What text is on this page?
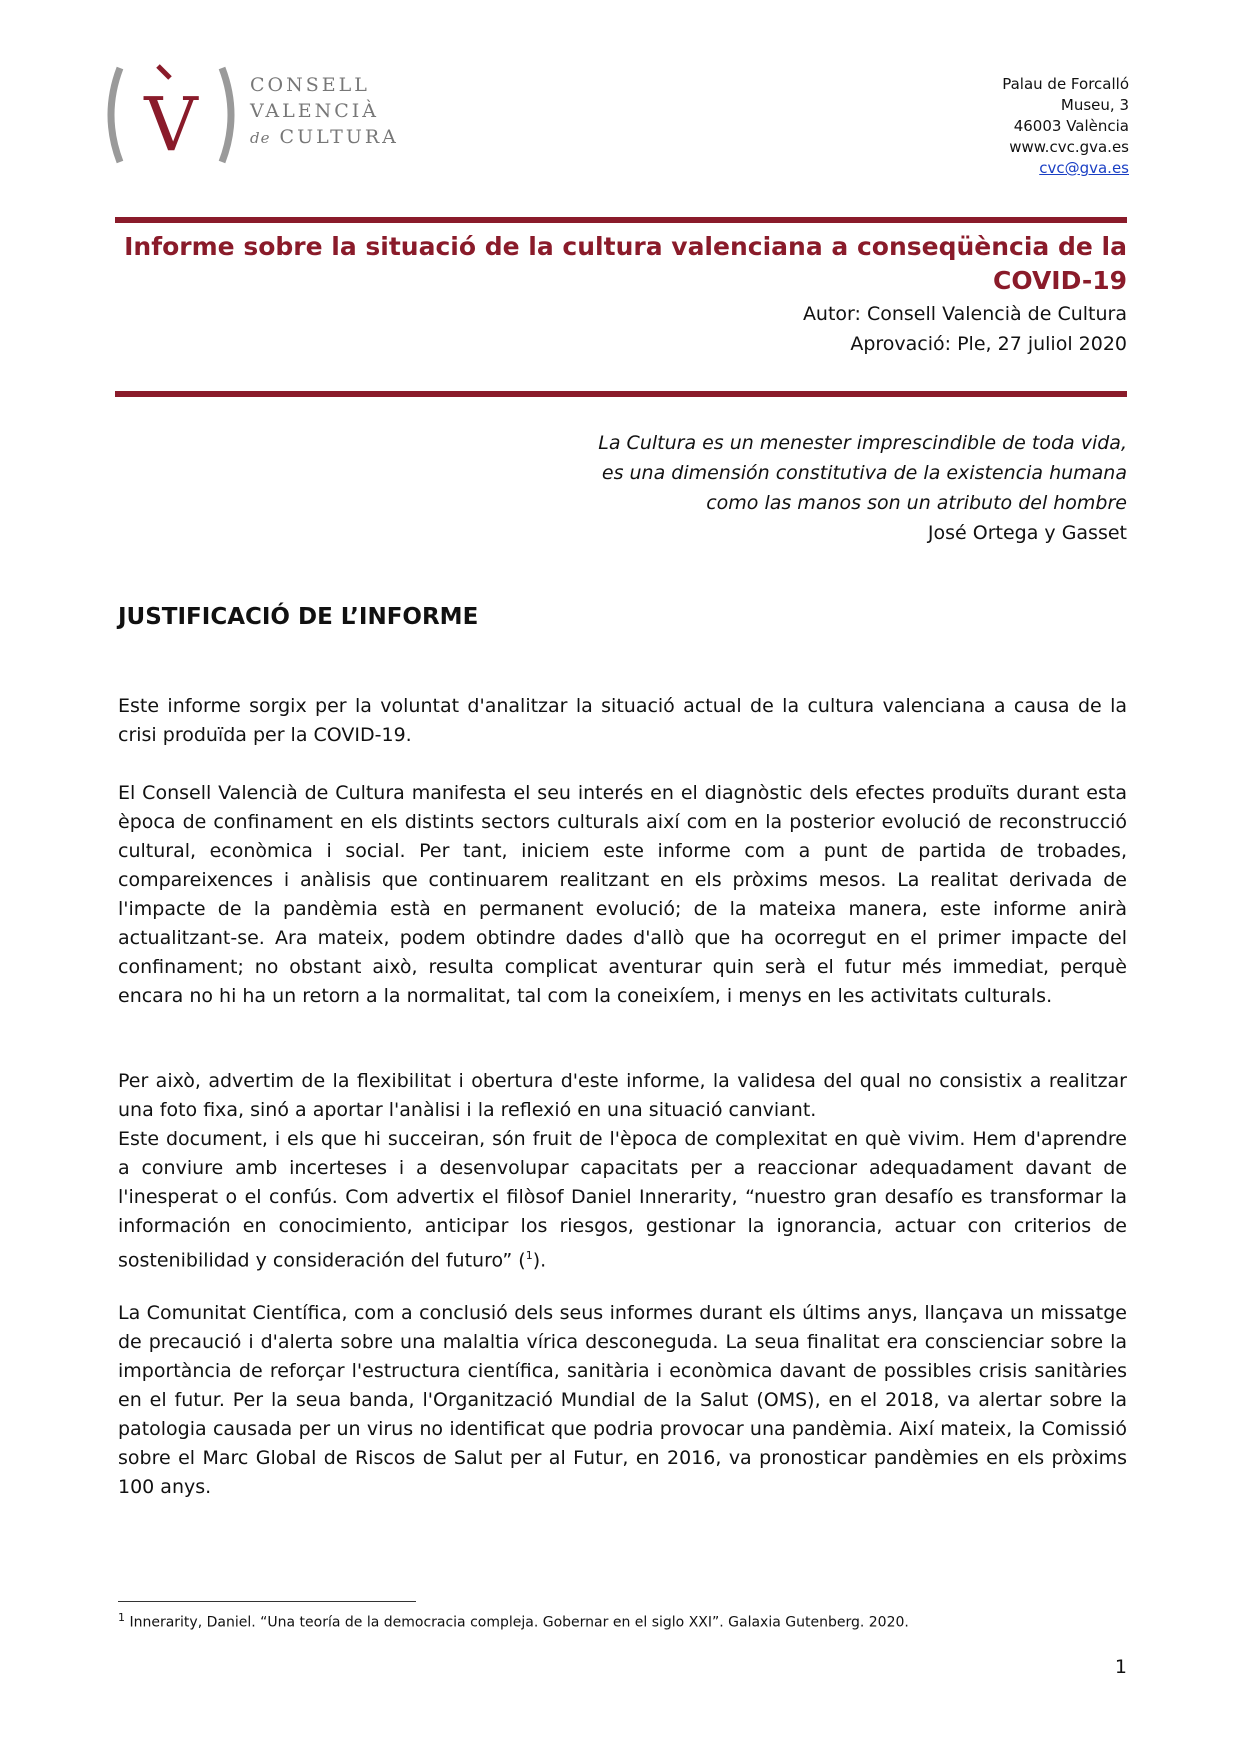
V	CONSELL
VALENCIÀ
de CULTURA
Palau de Forcalló
Museu, 3
46003 València
www.cvc.gva.es
cvc@gva.es
Informe sobre la situació de la cultura valenciana a conseqüència de la COVID-19
Autor: Consell Valencià de Cultura
Aprovació: Ple, 27 juliol 2020
La Cultura es un menester imprescindible de toda vida,
es una dimensión constitutiva de la existencia humana
como las manos son un atributo del hombre
José Ortega y Gasset
JUSTIFICACIÓ DE L’INFORME

Este informe sorgix per la voluntat d'analitzar la situació actual de la cultura valenciana a causa de la crisi produïda per la COVID-19.

El Consell Valencià de Cultura manifesta el seu interés en el diagnòstic dels efectes produïts durant esta època de confinament en els distints sectors culturals així com en la posterior evolució de reconstrucció cultural, econòmica i social. Per tant, iniciem este informe com a punt de partida de trobades, compareixences i anàlisis que continuarem realitzant en els pròxims mesos. La realitat derivada de l'impacte de la pandèmia està en permanent evolució; de la mateixa manera, este informe anirà actualitzant-se. Ara mateix, podem obtindre dades d'allò que ha ocorregut en el primer impacte del confinament; no obstant això, resulta complicat aventurar quin serà el futur més immediat, perquè encara no hi ha un retorn a la normalitat, tal com la coneixíem, i menys en les activitats culturals.

Per això, advertim de la flexibilitat i obertura d'este informe, la validesa del qual no consistix a realitzar una foto fixa, sinó a aportar l'anàlisi i la reflexió en una situació canviant.

Este document, i els que hi succeiran, són fruit de l'època de complexitat en què vivim. Hem d'aprendre a conviure amb incerteses i a desenvolupar capacitats per a reaccionar adequadament davant de l'inesperat o el confús. Com advertix el filòsof Daniel Innerarity, “nuestro gran desafío es transformar la información en conocimiento, anticipar los riesgos, gestionar la ignorancia, actuar con criterios de sostenibilidad y consideración del futuro” ($^1$).

La Comunitat Científica, com a conclusió dels seus informes durant els últims anys, llançava un missatge de precaució i d'alerta sobre una malaltia vírica desconeguda. La seua finalitat era conscienciar sobre la importància de reforçar l'estructura científica, sanitària i econòmica davant de possibles crisis sanitàries en el futur. Per la seua banda, l'Organització Mundial de la Salut (OMS), en el 2018, va alertar sobre la patologia causada per un virus no identificat que podria provocar una pandèmia. Així mateix, la Comissió sobre el Marc Global de Riscos de Salut per al Futur, en 2016, va pronosticar pandèmies en els pròxims 100 anys.

$^1$ Innerarity, Daniel. “Una teoría de la democracia compleja. Gobernar en el siglo XXI”. Galaxia Gutenberg. 2020.
1
